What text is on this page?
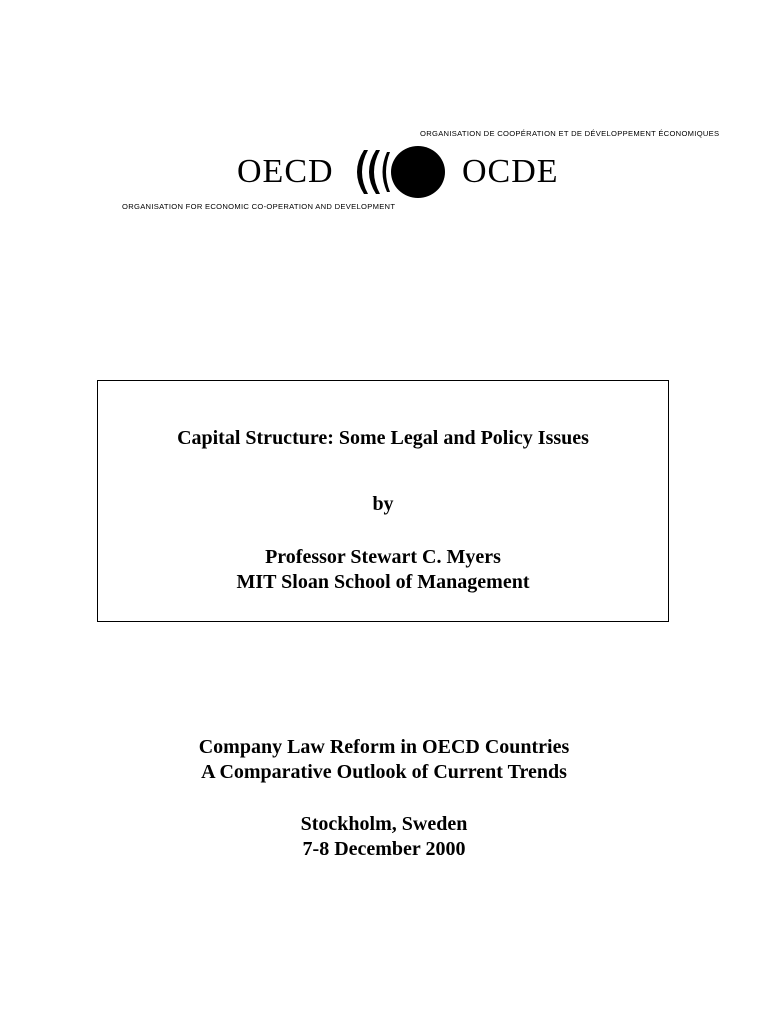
ORGANISATION DE COOPÉRATION ET DE DÉVELOPPEMENT ÉCONOMIQUES
OECD	OCDE
ORGANISATION FOR ECONOMIC CO-OPERATION AND DEVELOPMENT
Capital Structure: Some Legal and Policy Issues
by
Professor Stewart C. Myers
MIT Sloan School of Management
Company Law Reform in OECD Countries
A Comparative Outlook of Current Trends
Stockholm, Sweden
7-8 December 2000
